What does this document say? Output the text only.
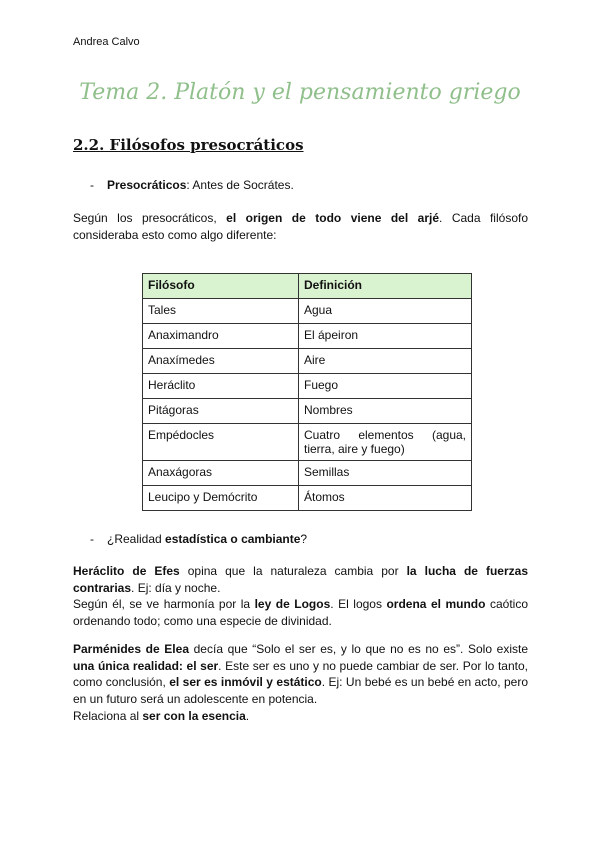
Andrea Calvo
Tema 2. Platón y el pensamiento griego
2.2. Filósofos presocráticos
- Presocráticos: Antes de Socrátes.
Según los presocráticos, el origen de todo viene del arjé. Cada filósofo consideraba esto como algo diferente:
Filósofo	Definición
Tales	Agua
Anaximandro	El ápeiron
Anaxímedes	Aire
Heráclito	Fuego
Pitágoras	Nombres
Empédocles	Cuatro elementos (agua, tierra, aire y fuego)
Anaxágoras	Semillas
Leucipo y Demócrito	Átomos
- ¿Realidad estadística o cambiante?
Heráclito de Efes opina que la naturaleza cambia por la lucha de fuerzas contrarias. Ej: día y noche.
Según él, se ve harmonía por la ley de Logos. El logos ordena el mundo caótico ordenando todo; como una especie de divinidad.
Parménides de Elea decía que “Solo el ser es, y lo que no es no es”. Solo existe una única realidad: el ser. Este ser es uno y no puede cambiar de ser. Por lo tanto, como conclusión, el ser es inmóvil y estático. Ej: Un bebé es un bebé en acto, pero en un futuro será un adolescente en potencia.
Relaciona al ser con la esencia.
